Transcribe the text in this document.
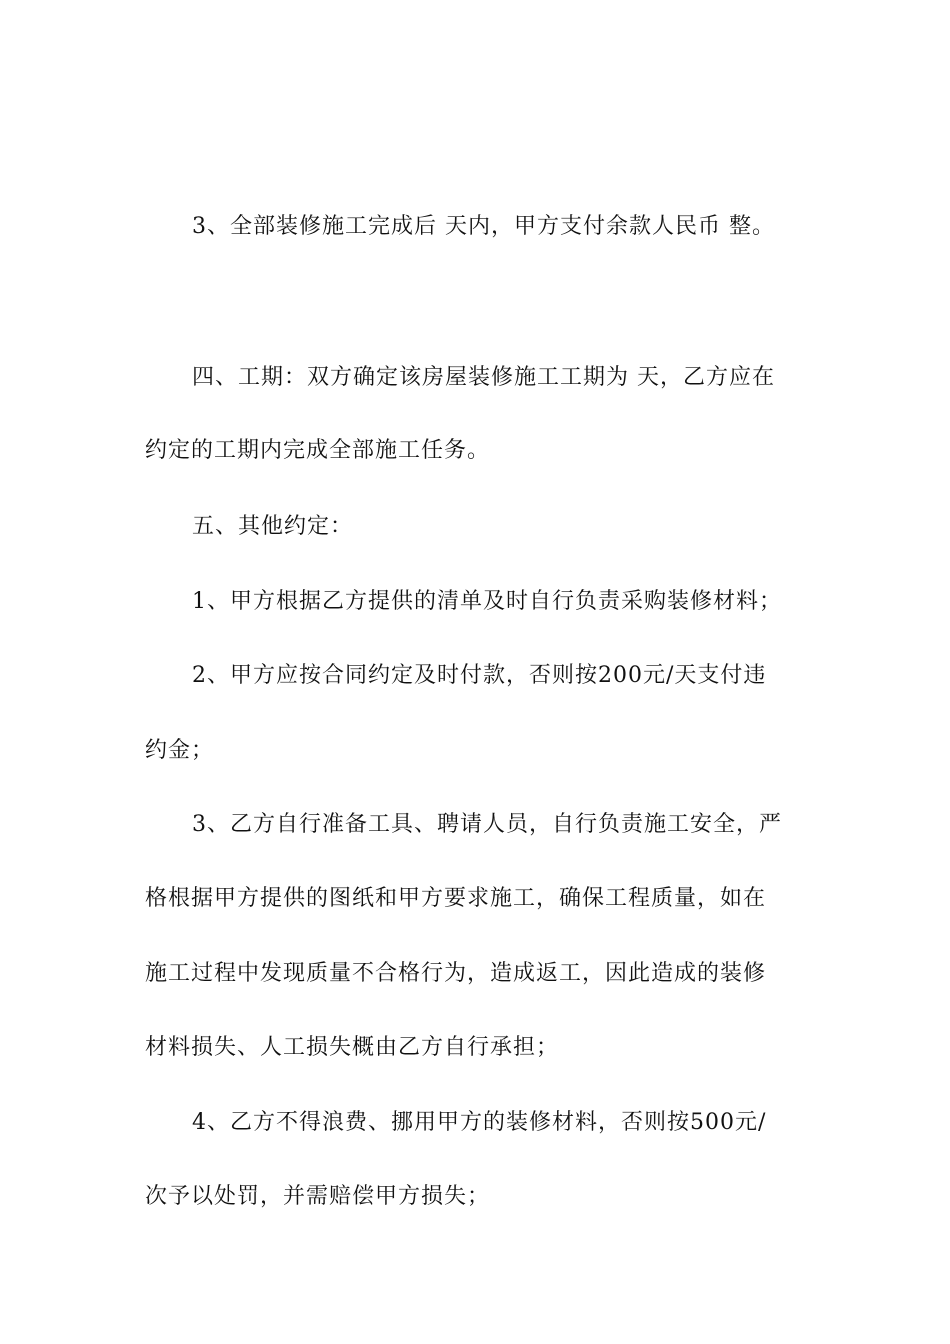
3、全部装修施工完成后 天内，甲方支付余款人民币 整。
四、工期：双方确定该房屋装修施工工期为 天，乙方应在
约定的工期内完成全部施工任务。
五、其他约定：
1、甲方根据乙方提供的清单及时自行负责采购装修材料；
2、甲方应按合同约定及时付款，否则按200元/天支付违
约金；
3、乙方自行准备工具、聘请人员，自行负责施工安全，严
格根据甲方提供的图纸和甲方要求施工，确保工程质量，如在
施工过程中发现质量不合格行为，造成返工，因此造成的装修
材料损失、人工损失概由乙方自行承担；
4、乙方不得浪费、挪用甲方的装修材料，否则按500元/
次予以处罚，并需赔偿甲方损失；
